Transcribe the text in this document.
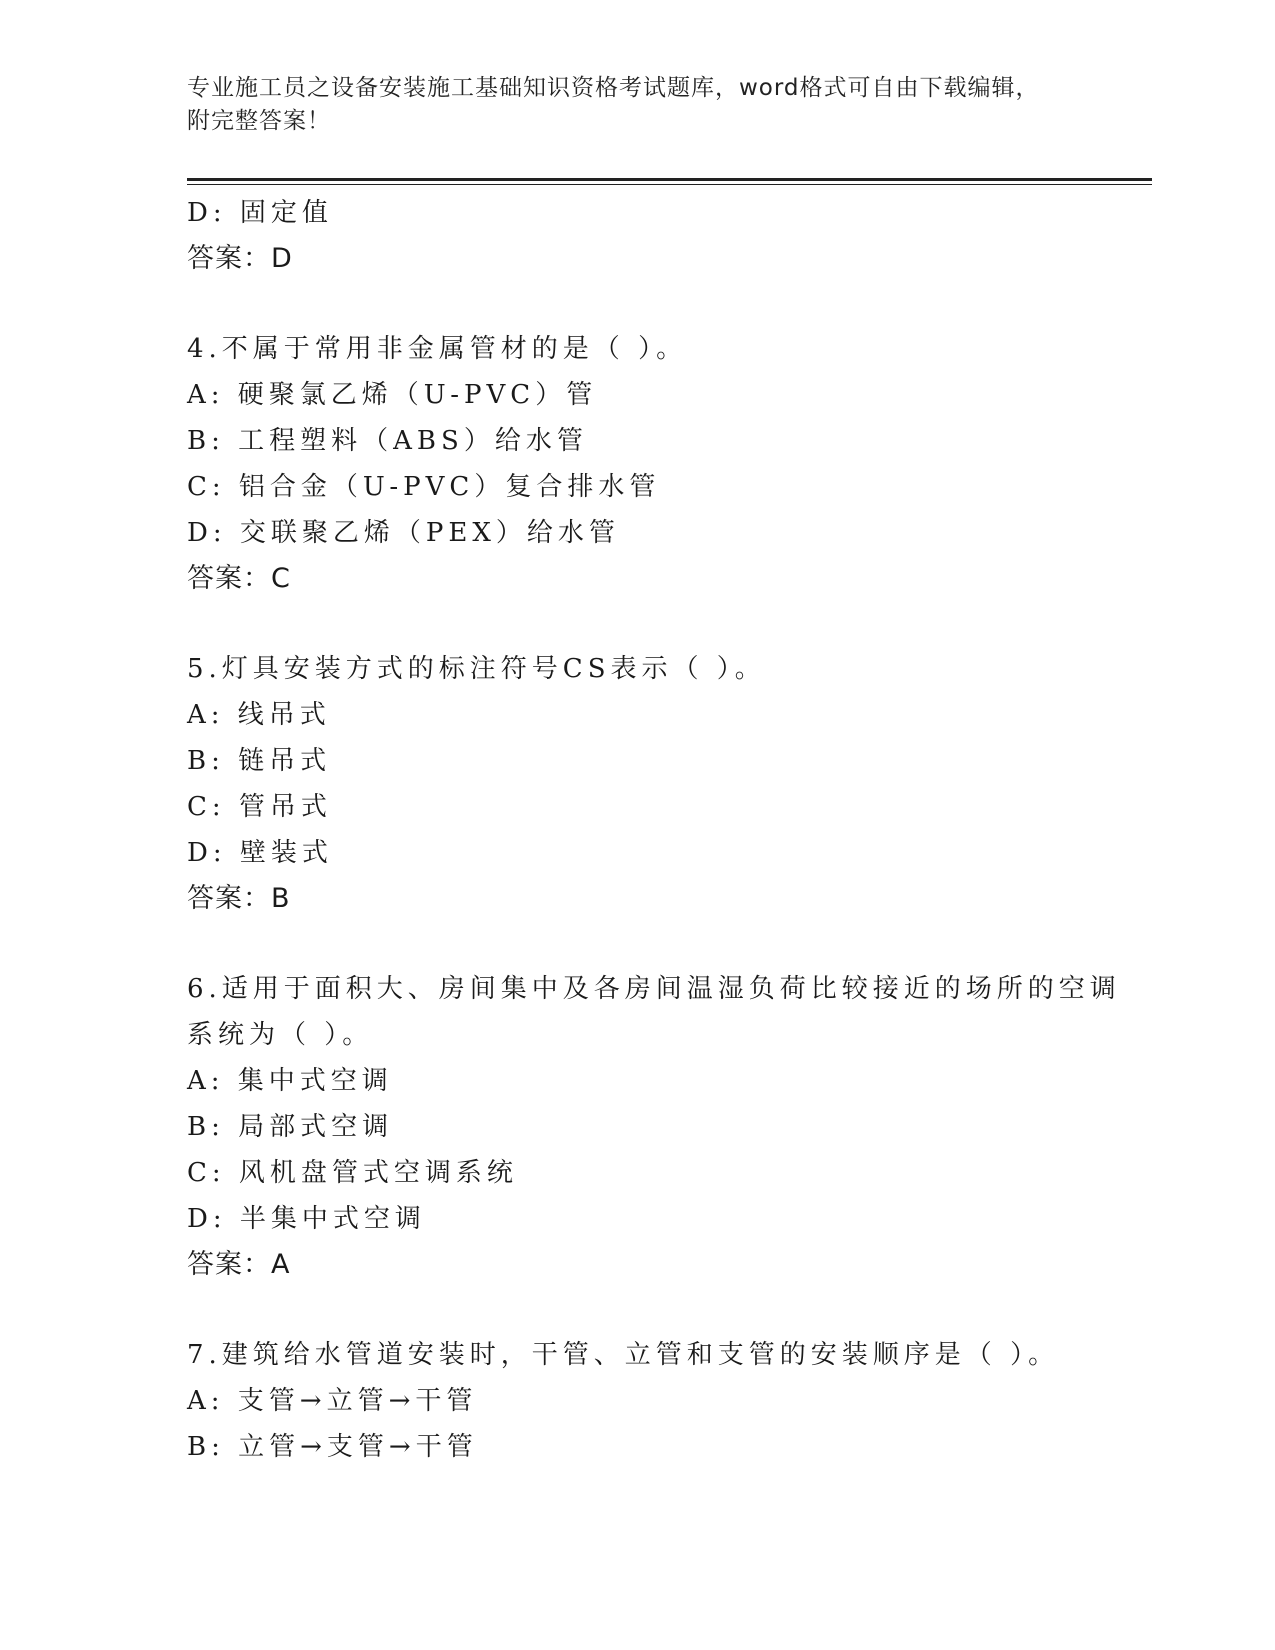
专业施工员之设备安装施工基础知识资格考试题库，word格式可自由下载编辑，
附完整答案！
D: 固定值
答案：D
4.不属于常用非金属管材的是（ ）。
A: 硬聚氯乙烯（U-PVC）管
B: 工程塑料（ABS）给水管
C: 铝合金（U-PVC）复合排水管
D: 交联聚乙烯（PEX）给水管
答案：C
5.灯具安装方式的标注符号CS表示（ ）。
A: 线吊式
B: 链吊式
C: 管吊式
D: 壁装式
答案：B
6.适用于面积大、房间集中及各房间温湿负荷比较接近的场所的空调
系统为（ ）。
A: 集中式空调
B: 局部式空调
C: 风机盘管式空调系统
D: 半集中式空调
答案：A
7.建筑给水管道安装时，干管、立管和支管的安装顺序是（ ）。
A: 支管→立管→干管
B: 立管→支管→干管
